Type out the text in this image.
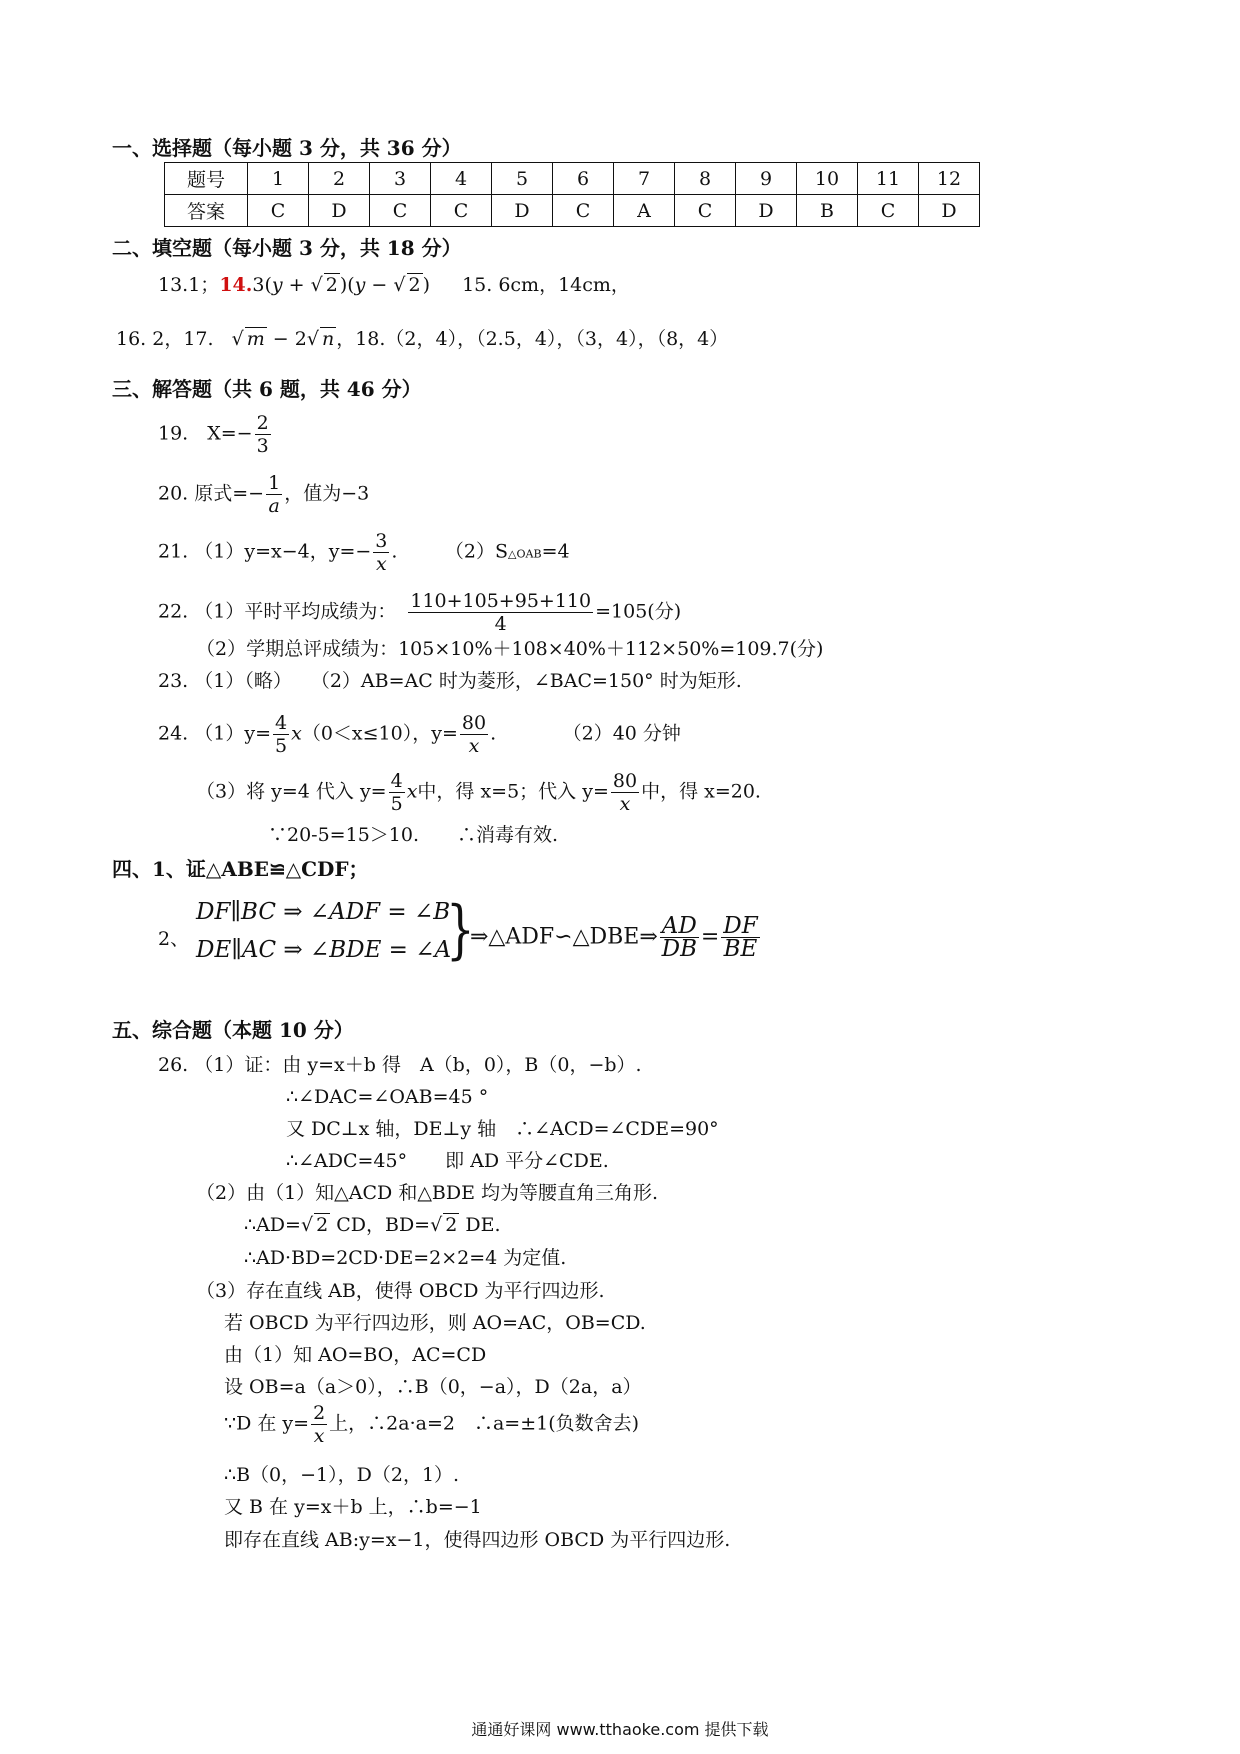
一、选择题（每小题 3 分，共 36 分）
题号	1	2	3	4	5	6	7	8	9	10	11	12
答案	C	D	C	C	D	C	A	C	D	B	C	D
二、填空题（每小题 3 分，共 18 分）
13.1；14.3(y + √ 2 )(y − √ 2 ) 15. 6cm，14cm，
16. 2，17. √ m − 2√ n ，18.（2，4），（2.5，4），（3，4），（8，4）
三、解答题（共 6 题，共 46 分）
19.　$X=- \frac{2}{3}$
20. 原式=− $\frac{1}{a}$ ，值为−3
21. （1）y=x−4，$y=- \frac{3}{x}$ .　　　（2）S△OAB=4
22. （1）平时平均成绩为： $\frac{110+105+95+110}{4} =105$(分)
（2）学期总评成绩为：105×10%＋108×40%＋112×50%=109.7(分)
23. （1）（略）　　（2）AB=AC 时为菱形，∠BAC=150° 时为矩形.
24. $(1)y= \frac{4}{5} x(0<x\le 10)$，$y= \frac{80}{x}$ .　　　　（2）40 分钟
（3）将 y=4 代入 $y= \frac{4}{5}$ x中，得 x=5；代入 $y= \frac{80}{x}$ 中，得 x=20.
∵20-5=15＞10.　　∴消毒有效.
四、1、证△ABE≌△CDF；
2、
DF∥BC ⇒ ∠ADF = ∠B
DE∥AC ⇒ ∠BDE = ∠A
}
⇒△ADF∽△DBE⇒ $\frac{AD}{DB} = \frac{DF}{BE}$
五、综合题（本题 10 分）
26. （1）证：由 y=x＋b 得　A（b，0），B（0，−b）.
∴∠DAC=∠OAB=45 °
又 DC⊥x 轴，DE⊥y 轴　∴∠ACD=∠CDE=90°
∴∠ADC=45°　　即 AD 平分∠CDE.
（2）由（1）知△ACD 和△BDE 均为等腰直角三角形.
∴AD=√ 2 CD，BD=√ 2 DE.
∴AD·BD=2CD·DE=2×2=4 为定值.
（3）存在直线 AB，使得 OBCD 为平行四边形.
若 OBCD 为平行四边形，则 AO=AC，OB=CD.
由（1）知 AO=BO，AC=CD
设 OB=a（a＞0），∴B（0，−a），D（2a，a）
∵D 在 $y= \frac{2}{x}$ 上，∴2a·a=2　∴a=±1(负数舍去)
∴B（0，−1），D（2，1）.
又 B 在 y=x＋b 上，∴b=−1
即存在直线 AB:y=x−1，使得四边形 OBCD 为平行四边形.
通通好课网 www.tthaoke.com 提供下载
